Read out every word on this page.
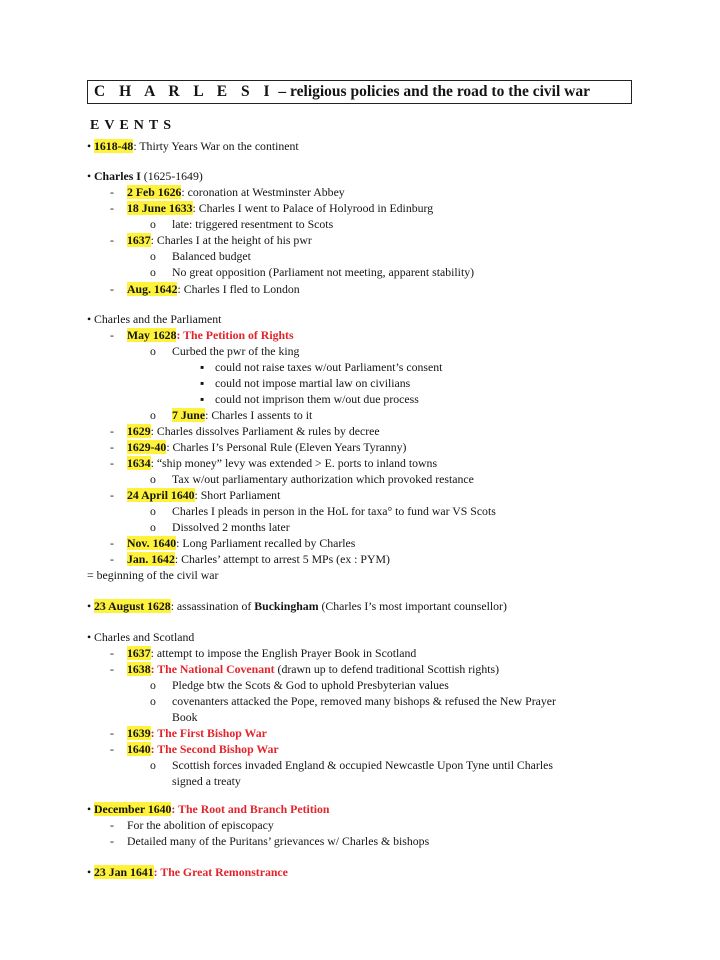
C H A R L E S I – religious policies and the road to the civil war
EVENTS
• 1618-48: Thirty Years War on the continent
• Charles I (1625-1649)
- 2 Feb 1626: coronation at Westminster Abbey
- 18 June 1633: Charles I went to Palace of Holyrood in Edinburg
o late: triggered resentment to Scots
- 1637: Charles I at the height of his pwr
o Balanced budget
o No great opposition (Parliament not meeting, apparent stability)
- Aug. 1642: Charles I fled to London
• Charles and the Parliament
- May 1628: The Petition of Rights
o Curbed the pwr of the king
▪ could not raise taxes w/out Parliament’s consent
▪ could not impose martial law on civilians
▪ could not imprison them w/out due process
o 7 June: Charles I assents to it
- 1629: Charles dissolves Parliament & rules by decree
- 1629-40: Charles I’s Personal Rule (Eleven Years Tyranny)
- 1634: “ship money” levy was extended > E. ports to inland towns
o Tax w/out parliamentary authorization which provoked restance
- 24 April 1640: Short Parliament
o Charles I pleads in person in the HoL for taxa° to fund war VS Scots
o Dissolved 2 months later
- Nov. 1640: Long Parliament recalled by Charles
- Jan. 1642: Charles’ attempt to arrest 5 MPs (ex : PYM)
= beginning of the civil war
• 23 August 1628: assassination of Buckingham (Charles I’s most important counsellor)
• Charles and Scotland
- 1637: attempt to impose the English Prayer Book in Scotland
- 1638: The National Covenant (drawn up to defend traditional Scottish rights)
o Pledge btw the Scots & God to uphold Presbyterian values
o covenanters attacked the Pope, removed many bishops & refused the New Prayer
Book
- 1639: The First Bishop War
- 1640: The Second Bishop War
o Scottish forces invaded England & occupied Newcastle Upon Tyne until Charles
signed a treaty
• December 1640: The Root and Branch Petition
- For the abolition of episcopacy
- Detailed many of the Puritans’ grievances w/ Charles & bishops
• 23 Jan 1641: The Great Remonstrance
